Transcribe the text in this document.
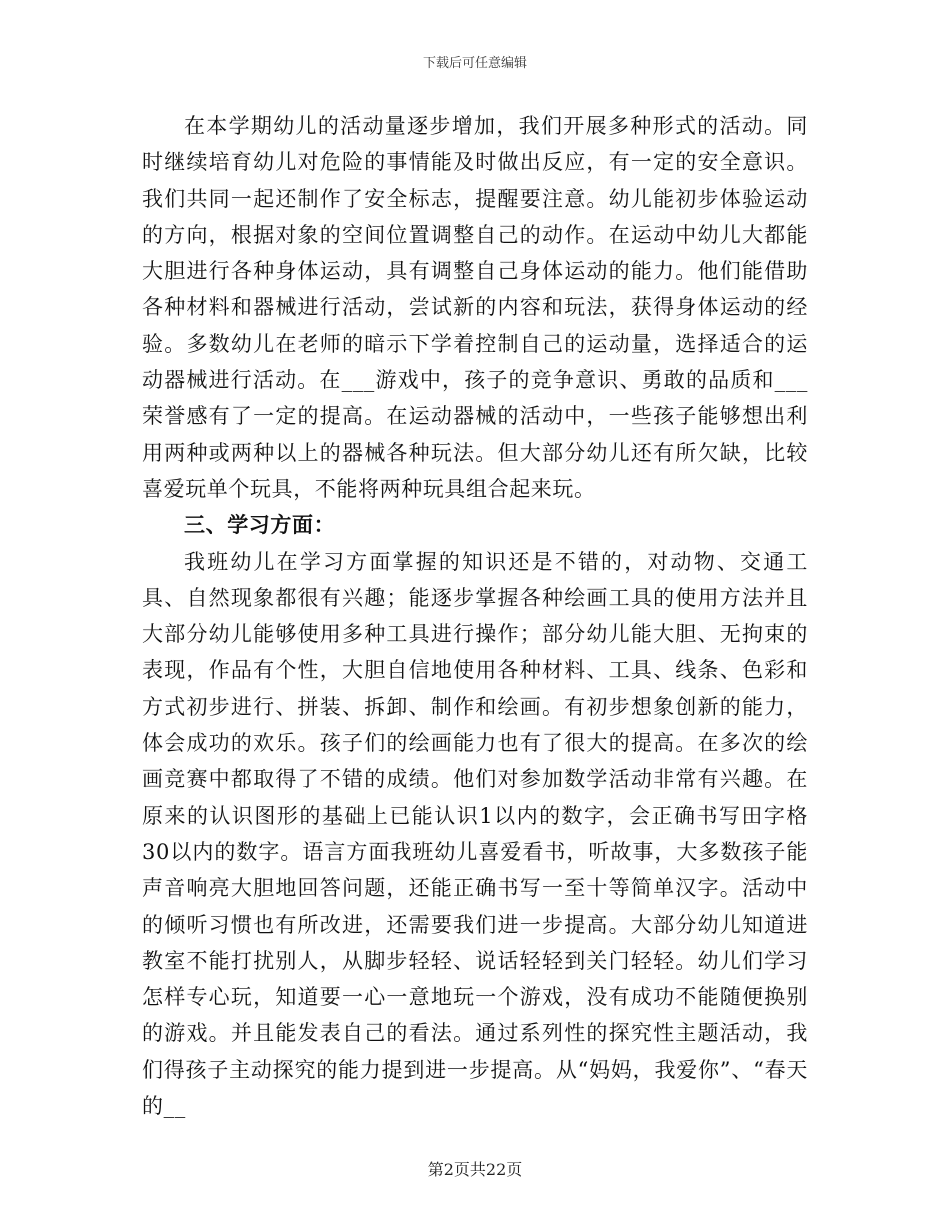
下载后可任意编辑

在本学期幼儿的活动量逐步增加，我们开展多种形式的活动。同时继续培育幼儿对危险的事情能及时做出反应，有一定的安全意识。我们共同一起还制作了安全标志，提醒要注意。幼儿能初步体验运动的方向，根据对象的空间位置调整自己的动作。在运动中幼儿大都能大胆进行各种身体运动，具有调整自己身体运动的能力。他们能借助各种材料和器械进行活动，尝试新的内容和玩法，获得身体运动的经验。多数幼儿在老师的暗示下学着控制自己的运动量，选择适合的运动器械进行活动。在___游戏中，孩子的竞争意识、勇敢的品质和___荣誉感有了一定的提高。在运动器械的活动中，一些孩子能够想出利用两种或两种以上的器械各种玩法。但大部分幼儿还有所欠缺，比较喜爱玩单个玩具，不能将两种玩具组合起来玩。

三、学习方面：

我班幼儿在学习方面掌握的知识还是不错的，对动物、交通工具、自然现象都很有兴趣；能逐步掌握各种绘画工具的使用方法并且大部分幼儿能够使用多种工具进行操作；部分幼儿能大胆、无拘束的表现，作品有个性，大胆自信地使用各种材料、工具、线条、色彩和方式初步进行、拼装、拆卸、制作和绘画。有初步想象创新的能力，体会成功的欢乐。孩子们的绘画能力也有了很大的提高。在多次的绘画竞赛中都取得了不错的成绩。他们对参加数学活动非常有兴趣。在原来的认识图形的基础上已能认识1以内的数字，会正确书写田字格30以内的数字。语言方面我班幼儿喜爱看书，听故事，大多数孩子能声音响亮大胆地回答问题，还能正确书写一至十等简单汉字。活动中的倾听习惯也有所改进，还需要我们进一步提高。大部分幼儿知道进教室不能打扰别人，从脚步轻轻、说话轻轻到关门轻轻。幼儿们学习怎样专心玩，知道要一心一意地玩一个游戏，没有成功不能随便换别的游戏。并且能发表自己的看法。通过系列性的探究性主题活动，我们得孩子主动探究的能力提到进一步提高。从“妈妈，我爱你”、“春天的__

第2页共22页
